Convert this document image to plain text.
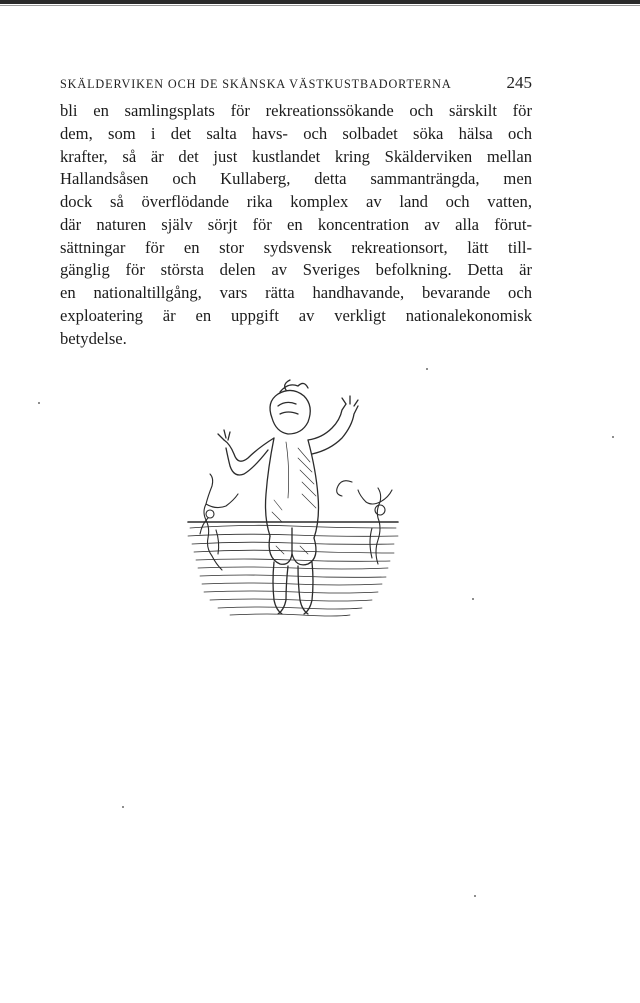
SKÄLDERVIKEN OCH DE SKÅNSKA VÄSTKUSTBADORTERNA	245
bli en samlingsplats för rekreationssökande och särskilt för
dem, som i det salta havs- och solbadet söka hälsa och
krafter, så är det just kustlandet kring Skälderviken mellan
Hallandsåsen och Kullaberg, detta sammanträngda, men
dock så överflödande rika komplex av land och vatten,
där naturen själv sörjt för en koncentration av alla förut-
sättningar för en stor sydsvensk rekreationsort, lätt till-
gänglig för största delen av Sveriges befolkning. Detta är
en nationaltillgång, vars rätta handhavande, bevarande och
exploatering är en uppgift av verkligt nationalekonomisk
betydelse.
